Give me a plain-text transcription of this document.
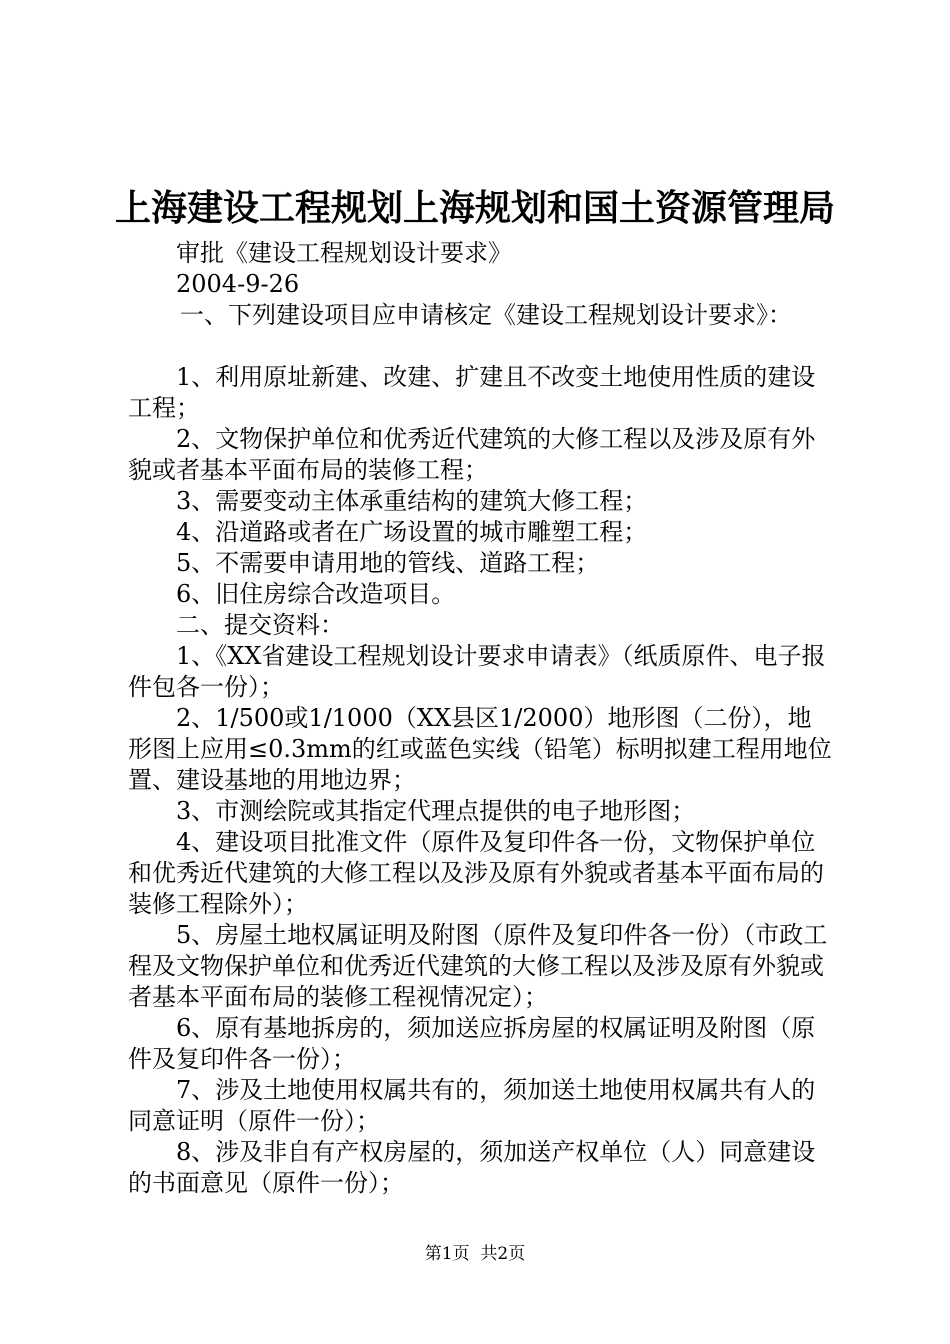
上海建设工程规划上海规划和国土资源管理局
审批《建设工程规划设计要求》
2004-9-26
一、下列建设项目应申请核定《建设工程规划设计要求》：
1、利用原址新建、改建、扩建且不改变土地使用性质的建设工程；
2、文物保护单位和优秀近代建筑的大修工程以及涉及原有外貌或者基本平面布局的装修工程；
3、需要变动主体承重结构的建筑大修工程；
4、沿道路或者在广场设置的城市雕塑工程；
5、不需要申请用地的管线、道路工程；
6、旧住房综合改造项目。
二、提交资料：
1、《XX省建设工程规划设计要求申请表》（纸质原件、电子报件包各一份）；
2、1/500或1/1000（XX县区1/2000）地形图（二份），地形图上应用≤0.3mm的红或蓝色实线（铅笔）标明拟建工程用地位置、建设基地的用地边界；
3、市测绘院或其指定代理点提供的电子地形图；
4、建设项目批准文件（原件及复印件各一份，文物保护单位和优秀近代建筑的大修工程以及涉及原有外貌或者基本平面布局的装修工程除外）；
5、房屋土地权属证明及附图（原件及复印件各一份）（市政工程及文物保护单位和优秀近代建筑的大修工程以及涉及原有外貌或者基本平面布局的装修工程视情况定）；
6、原有基地拆房的，须加送应拆房屋的权属证明及附图（原件及复印件各一份）；
7、涉及土地使用权属共有的，须加送土地使用权属共有人的同意证明（原件一份）；
8、涉及非自有产权房屋的，须加送产权单位（人）同意建设的书面意见（原件一份）；
第1页  共2页
